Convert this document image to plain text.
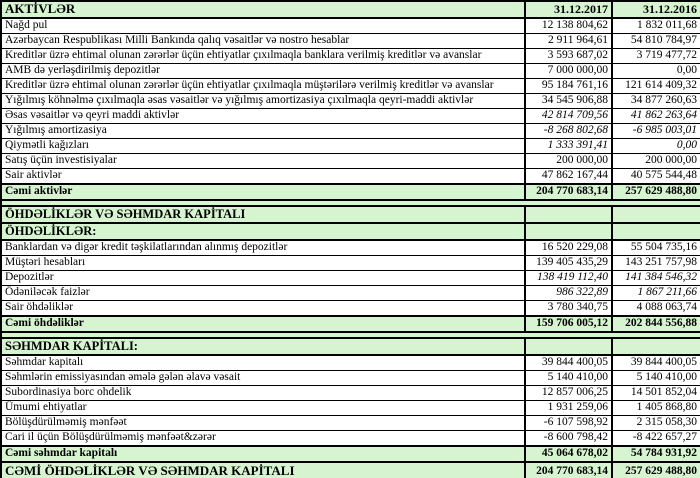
AKTİVLƏR	31.12.2017	31.12.2016
Nağd pul	12 138 804,62	1 832 011,68
Azərbaycan Respublikası Milli Bankında qalıq vəsaitlər və nostro hesablar	2 911 964,61	54 810 784,97
Kreditlər üzrə ehtimal olunan zərərlər üçün ehtiyatlar çıxılmaqla banklara verilmiş kreditlər və avanslar	3 593 687,02	3 719 477,72
AMB də yerləşdirilmiş depozitlər	7 000 000,00	0,00
Kreditlər üzrə ehtimal olunan zərərlər üçün ehtiyatlar çıxılmaqla müştərilərə verilmiş kreditlər və avanslar	95 184 761,16	121 614 409,32
Yığılmış köhnəlmə çıxılmaqla əsas vəsaitlər və yığılmış amortizasiya çıxılmaqla qeyri-maddi aktivlər	34 545 906,88	34 877 260,63
Əsas vəsaitlər və qeyri maddi aktivlər	42 814 709,56	41 862 263,64
Yığılmış amortizasiya	-8 268 802,68	-6 985 003,01
Qiymətli kağızları	1 333 391,41	0,00
Satış üçün investisiyalar	200 000,00	200 000,00
Sair aktivlər	47 862 167,44	40 575 544,48
Cəmi aktivlər	204 770 683,14	257 629 488,80

ÖHDƏLİKLƏR VƏ SƏHMDAR KAPİTALI		
ÖHDƏLİKLƏR:		
Banklardan və digər kredit təşkilatlarından alınmış depozitlər	16 520 229,08	55 504 735,16
Müştəri hesabları	139 405 435,29	143 251 757,98
Depozitlər	138 419 112,40	141 384 546,32
Ödəniləcək faizlər	986 322,89	1 867 211,66
Sair öhdəliklər	3 780 340,75	4 088 063,74
Cəmi öhdəliklər	159 706 005,12	202 844 556,88

SƏHMDAR KAPİTALI:		
Səhmdar kapitalı	39 844 400,05	39 844 400,05
Səhmlərin emissiyasından əmələ gələn əlavə vəsait	5 140 410,00	5 140 410,00
Subordinasiya borc ohdelik	12 857 006,25	14 501 852,04
Ümumi ehtiyatlar	1 931 259,06	1 405 868,80
Bölüşdürülməmiş mənfəət	-6 107 598,92	2 315 058,30
Cari il üçün Bölüşdürülməmiş mənfəət&zərər	-8 600 798,42	-8 422 657,27
Cəmi səhmdar kapitalı	45 064 678,02	54 784 931,92
CƏMİ ÖHDƏLİKLƏR VƏ SƏHMDAR KAPİTALI	204 770 683,14	257 629 488,80
